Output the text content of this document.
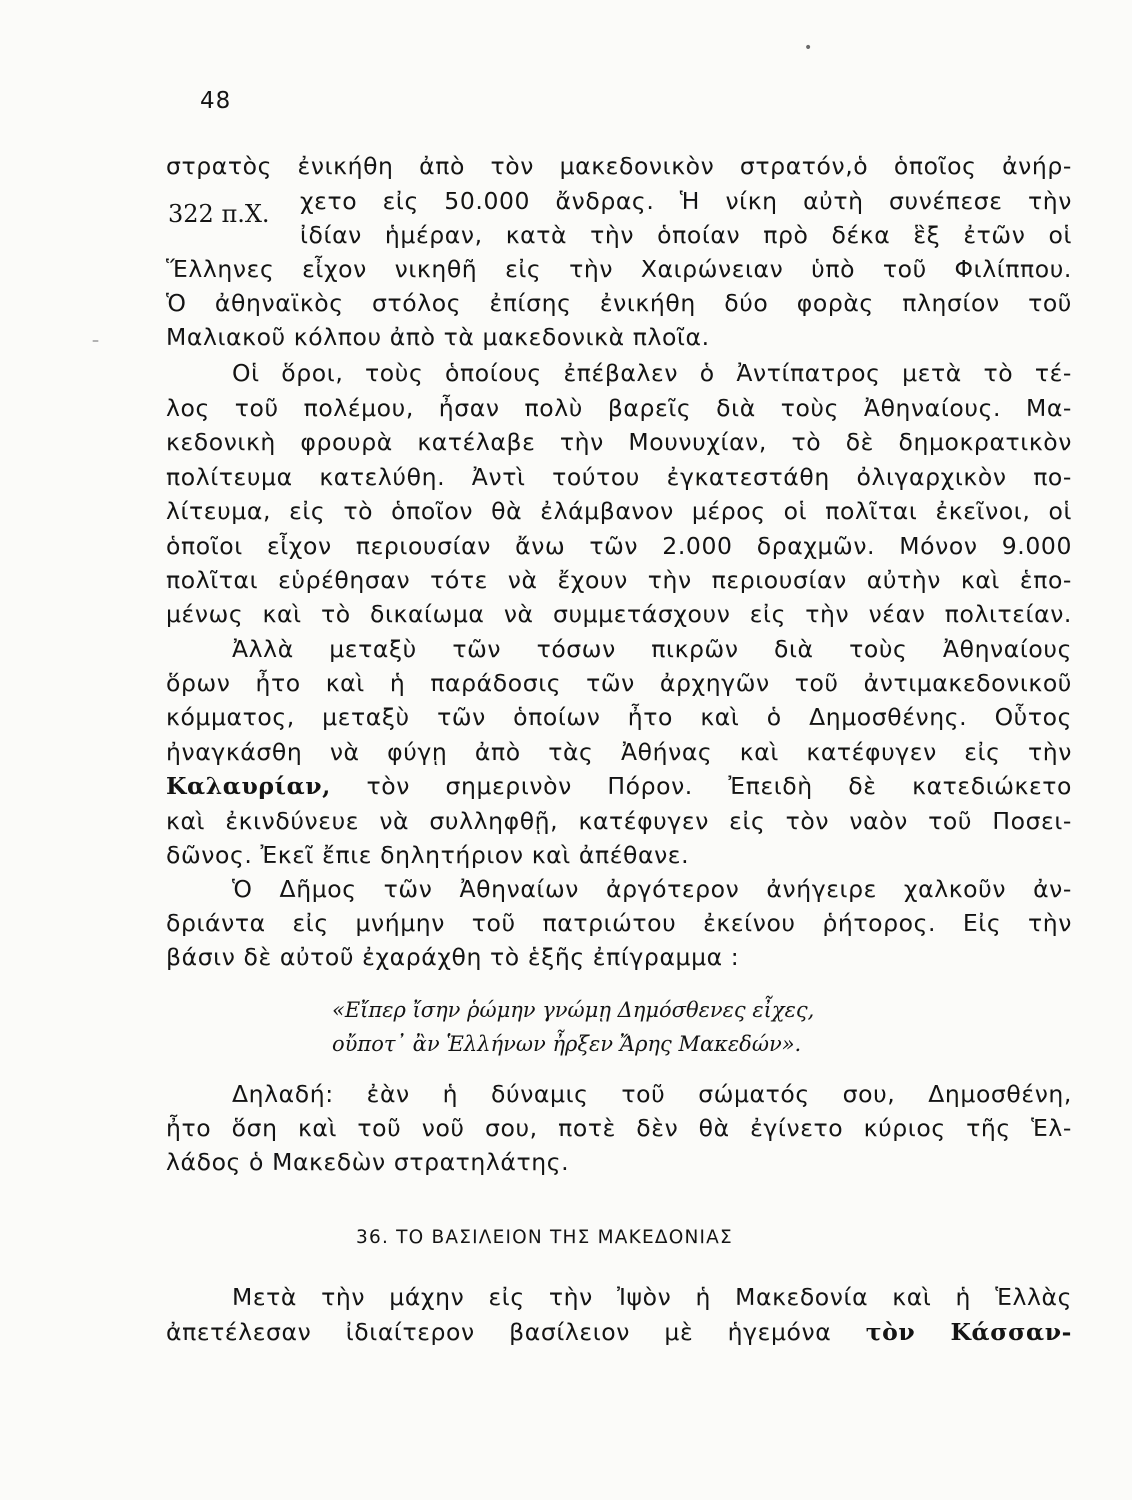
48
322 π.Χ.
στρατὸς ἐνικήθη ἀπὸ τὸν μακεδονικὸν στρατόν,ὁ ὁποῖος ἀνήρ-
χετο εἰς 50.000 ἄνδρας. Ἡ νίκη αὐτὴ συνέπεσε τὴν
ἰδίαν ἡμέραν, κατὰ τὴν ὁποίαν πρὸ δέκα ἓξ ἐτῶν οἱ
Ἕλληνες εἶχον νικηθῆ εἰς τὴν Χαιρώνειαν ὑπὸ τοῦ Φιλίππου.
Ὁ ἀθηναϊκὸς στόλος ἐπίσης ἐνικήθη δύο φορὰς πλησίον τοῦ
Μαλιακοῦ κόλπου ἀπὸ τὰ μακεδονικὰ πλοῖα.
Οἱ ὅροι, τοὺς ὁποίους ἐπέβαλεν ὁ Ἀντίπατρος μετὰ τὸ τέ-
λος τοῦ πολέμου, ἦσαν πολὺ βαρεῖς διὰ τοὺς Ἀθηναίους. Μα-
κεδονικὴ φρουρὰ κατέλαβε τὴν Μουνυχίαν, τὸ δὲ δημοκρατικὸν
πολίτευμα κατελύθη. Ἀντὶ τούτου ἐγκατεστάθη ὀλιγαρχικὸν πο-
λίτευμα, εἰς τὸ ὁποῖον θὰ ἐλάμβανον μέρος οἱ πολῖται ἐκεῖνοι, οἱ
ὁποῖοι εἶχον περιουσίαν ἄνω τῶν 2.000 δραχμῶν. Μόνον 9.000
πολῖται εὑρέθησαν τότε νὰ ἔχουν τὴν περιουσίαν αὐτὴν καὶ ἑπο-
μένως καὶ τὸ δικαίωμα νὰ συμμετάσχουν εἰς τὴν νέαν πολιτείαν.
Ἀλλὰ μεταξὺ τῶν τόσων πικρῶν διὰ τοὺς Ἀθηναίους
ὅρων ἦτο καὶ ἡ παράδοσις τῶν ἀρχηγῶν τοῦ ἀντιμακεδονικοῦ
κόμματος, μεταξὺ τῶν ὁποίων ἦτο καὶ ὁ Δημοσθένης. Οὗτος
ἠναγκάσθη νὰ φύγῃ ἀπὸ τὰς Ἀθήνας καὶ κατέφυγεν εἰς τὴν
Καλαυρίαν, τὸν σημερινὸν Πόρον. Ἐπειδὴ δὲ κατεδιώκετο
καὶ ἐκινδύνευε νὰ συλληφθῇ, κατέφυγεν εἰς τὸν ναὸν τοῦ Ποσει-
δῶνος. Ἐκεῖ ἔπιε δηλητήριον καὶ ἀπέθανε.
Ὁ Δῆμος τῶν Ἀθηναίων ἀργότερον ἀνήγειρε χαλκοῦν ἀν-
δριάντα εἰς μνήμην τοῦ πατριώτου ἐκείνου ῥήτορος. Εἰς τὴν
βάσιν δὲ αὐτοῦ ἐχαράχθη τὸ ἑξῆς ἐπίγραμμα :
«Εἴπερ ἴσην ῥώμην γνώμῃ Δημόσθενες εἶχες,
οὔποτ᾽ ἂν Ἑλλήνων ἦρξεν Ἄρης Μακεδών».
Δηλαδή: ἐὰν ἡ δύναμις τοῦ σώματός σου, Δημοσθένη,
ἦτο ὅση καὶ τοῦ νοῦ σου, ποτὲ δὲν θὰ ἐγίνετο κύριος τῆς Ἑλ-
λάδος ὁ Μακεδὼν στρατηλάτης.
36. ΤΟ ΒΑΣΙΛΕΙΟΝ ΤΗΣ ΜΑΚΕΔΟΝΙΑΣ
Μετὰ τὴν μάχην εἰς τὴν Ἰψὸν ἡ Μακεδονία καὶ ἡ Ἑλλὰς
ἀπετέλεσαν ἰδιαίτερον βασίλειον μὲ ἡγεμόνα τὸν Κάσσαν-
–
•
